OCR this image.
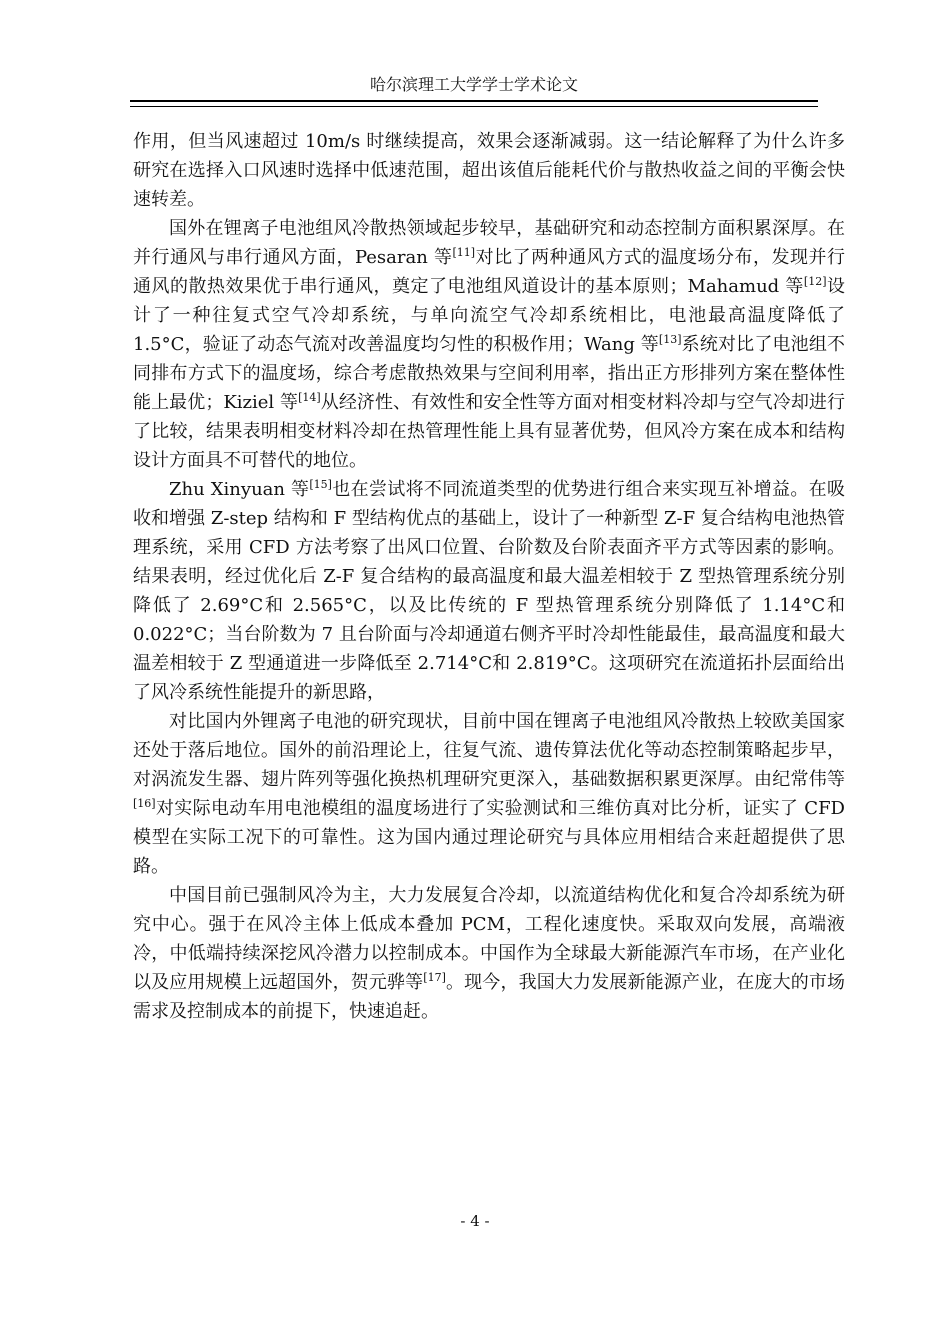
哈尔滨理工大学学士学术论文

作用，但当风速超过 10m/s 时继续提高，效果会逐渐减弱。这一结论解释了为什么许多研究在选择入口风速时选择中低速范围，超出该值后能耗代价与散热收益之间的平衡会快速转差。

国外在锂离子电池组风冷散热领域起步较早，基础研究和动态控制方面积累深厚。在并行通风与串行通风方面，Pesaran 等[11]对比了两种通风方式的温度场分布，发现并行通风的散热效果优于串行通风，奠定了电池组风道设计的基本原则；Mahamud 等[12]设计了一种往复式空气冷却系统，与单向流空气冷却系统相比，电池最高温度降低了 1.5°C，验证了动态气流对改善温度均匀性的积极作用；Wang 等[13]系统对比了电池组不同排布方式下的温度场，综合考虑散热效果与空间利用率，指出正方形排列方案在整体性能上最优；Kiziel 等[14]从经济性、有效性和安全性等方面对相变材料冷却与空气冷却进行了比较，结果表明相变材料冷却在热管理性能上具有显著优势，但风冷方案在成本和结构设计方面具不可替代的地位。

Zhu Xinyuan 等[15]也在尝试将不同流道类型的优势进行组合来实现互补增益。在吸收和增强 Z-step 结构和 F 型结构优点的基础上，设计了一种新型 Z-F 复合结构电池热管理系统，采用 CFD 方法考察了出风口位置、台阶数及台阶表面齐平方式等因素的影响。结果表明，经过优化后 Z-F 复合结构的最高温度和最大温差相较于 Z 型热管理系统分别降低了 2.69°C和 2.565°C，以及比传统的 F 型热管理系统分别降低了 1.14°C和 0.022°C；当台阶数为 7 且台阶面与冷却通道右侧齐平时冷却性能最佳，最高温度和最大温差相较于 Z 型通道进一步降低至 2.714°C和 2.819°C。这项研究在流道拓扑层面给出了风冷系统性能提升的新思路，

对比国内外锂离子电池的研究现状，目前中国在锂离子电池组风冷散热上较欧美国家还处于落后地位。国外的前沿理论上，往复气流、遗传算法优化等动态控制策略起步早，对涡流发生器、翅片阵列等强化换热机理研究更深入，基础数据积累更深厚。由纪常伟等[16]对实际电动车用电池模组的温度场进行了实验测试和三维仿真对比分析，证实了 CFD 模型在实际工况下的可靠性。这为国内通过理论研究与具体应用相结合来赶超提供了思路。

中国目前已强制风冷为主，大力发展复合冷却，以流道结构优化和复合冷却系统为研究中心。强于在风冷主体上低成本叠加 PCM，工程化速度快。采取双向发展，高端液冷，中低端持续深挖风冷潜力以控制成本。中国作为全球最大新能源汽车市场，在产业化以及应用规模上远超国外，贺元骅等[17]。现今，我国大力发展新能源产业，在庞大的市场需求及控制成本的前提下，快速追赶。

- 4 -
